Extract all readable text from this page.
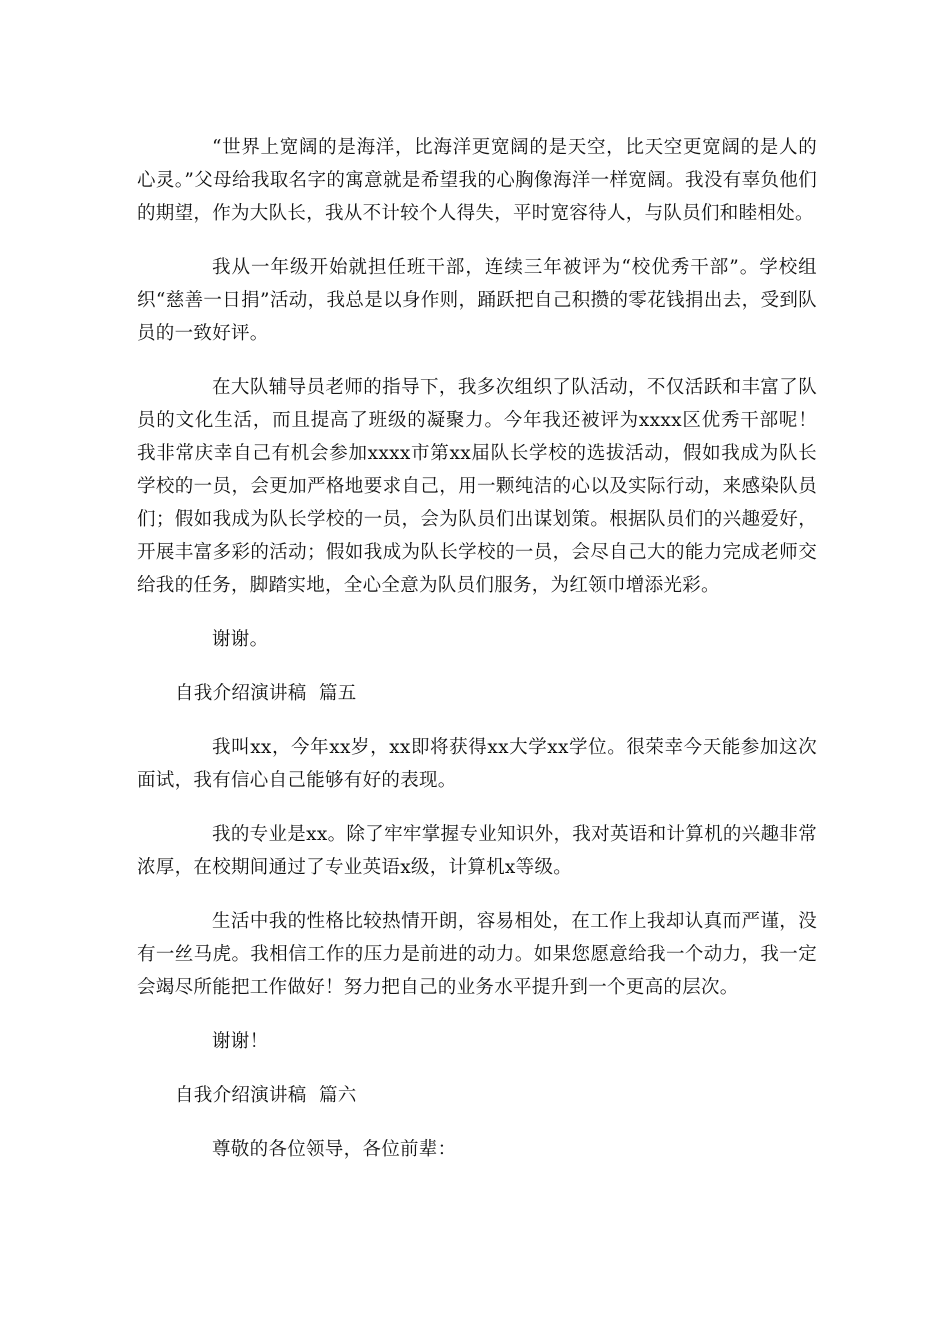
“世界上宽阔的是海洋，比海洋更宽阔的是天空，比天空更宽阔的是人的心灵。”父母给我取名字的寓意就是希望我的心胸像海洋一样宽阔。我没有辜负他们的期望，作为大队长，我从不计较个人得失，平时宽容待人，与队员们和睦相处。

我从一年级开始就担任班干部，连续三年被评为“校优秀干部”。学校组织“慈善一日捐”活动，我总是以身作则，踊跃把自己积攒的零花钱捐出去，受到队员的一致好评。

在大队辅导员老师的指导下，我多次组织了队活动，不仅活跃和丰富了队员的文化生活，而且提高了班级的凝聚力。今年我还被评为xxxx区优秀干部呢！我非常庆幸自己有机会参加xxxx市第xx届队长学校的选拔活动，假如我成为队长学校的一员，会更加严格地要求自己，用一颗纯洁的心以及实际行动，来感染队员们；假如我成为队长学校的一员，会为队员们出谋划策。根据队员们的兴趣爱好，开展丰富多彩的活动；假如我成为队长学校的一员，会尽自己大的能力完成老师交给我的任务，脚踏实地，全心全意为队员们服务，为红领巾增添光彩。

谢谢。

自我介绍演讲稿  篇五

我叫xx，今年xx岁，xx即将获得xx大学xx学位。很荣幸今天能参加这次面试，我有信心自己能够有好的表现。

我的专业是xx。除了牢牢掌握专业知识外，我对英语和计算机的兴趣非常浓厚，在校期间通过了专业英语x级，计算机x等级。

生活中我的性格比较热情开朗，容易相处，在工作上我却认真而严谨，没有一丝马虎。我相信工作的压力是前进的动力。如果您愿意给我一个动力，我一定会竭尽所能把工作做好！努力把自己的业务水平提升到一个更高的层次。

谢谢！

自我介绍演讲稿  篇六

尊敬的各位领导，各位前辈：
